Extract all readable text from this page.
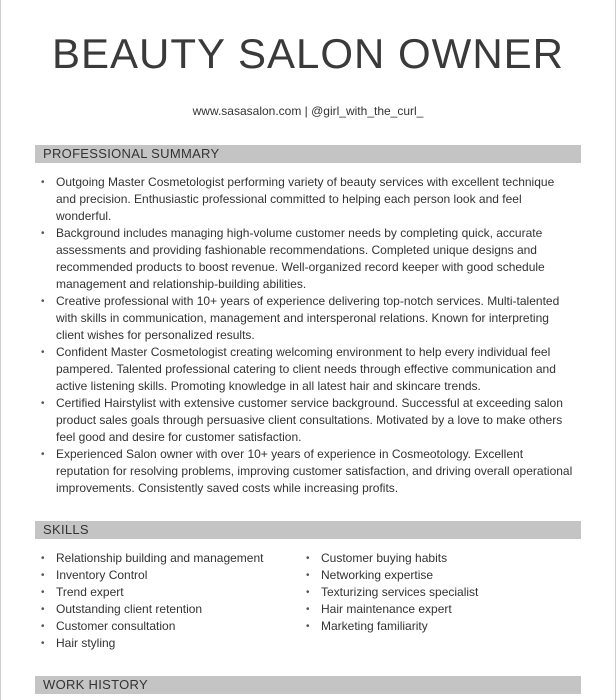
BEAUTY SALON OWNER
www.sasasalon.com | @girl_with_the_curl_
PROFESSIONAL SUMMARY
• Outgoing Master Cosmetologist performing variety of beauty services with excellent technique and precision. Enthusiastic professional committed to helping each person look and feel wonderful.
• Background includes managing high-volume customer needs by completing quick, accurate assessments and providing fashionable recommendations. Completed unique designs and recommended products to boost revenue. Well-organized record keeper with good schedule management and relationship-building abilities.
• Creative professional with 10+ years of experience delivering top-notch services. Multi-talented with skills in communication, management and intersperonal relations. Known for interpreting client wishes for personalized results.
• Confident Master Cosmetologist creating welcoming environment to help every individual feel pampered. Talented professional catering to client needs through effective communication and active listening skills. Promoting knowledge in all latest hair and skincare trends.
• Certified Hairstylist with extensive customer service background. Successful at exceeding salon product sales goals through persuasive client consultations. Motivated by a love to make others feel good and desire for customer satisfaction.
• Experienced Salon owner with over 10+ years of experience in Cosmeotology. Excellent reputation for resolving problems, improving customer satisfaction, and driving overall operational improvements. Consistently saved costs while increasing profits.
SKILLS
• Relationship building and management
• Inventory Control
• Trend expert
• Outstanding client retention
• Customer consultation
• Hair styling
• Customer buying habits
• Networking expertise
• Texturizing services specialist
• Hair maintenance expert
• Marketing familiarity
WORK HISTORY
